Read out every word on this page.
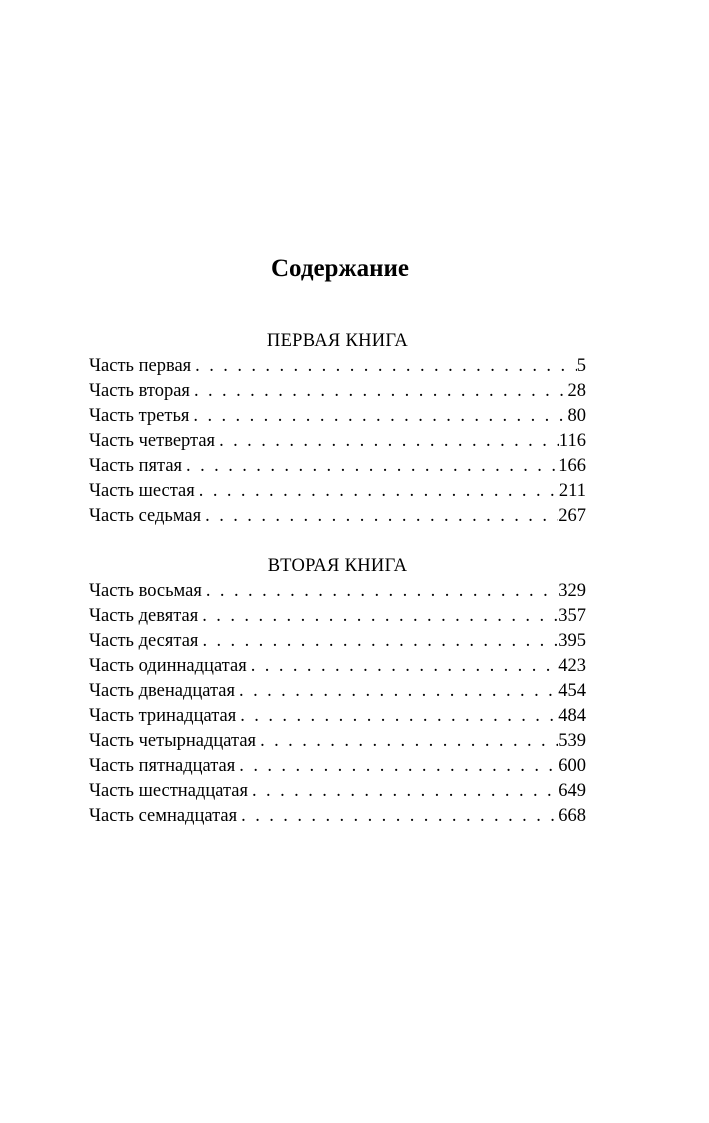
Содержание
ПЕРВАЯ КНИГА
Часть первая . . .	5
Часть вторая . . .	28
Часть третья . . .	80
Часть четвертая . . .	116
Часть пятая . . .	166
Часть шестая . . .	211
Часть седьмая . . .	267
ВТОРАЯ КНИГА
Часть восьмая . . .	329
Часть девятая . . .	357
Часть десятая . . .	395
Часть одиннадцатая . . .	423
Часть двенадцатая . . .	454
Часть тринадцатая . . .	484
Часть четырнадцатая . . .	539
Часть пятнадцатая . . .	600
Часть шестнадцатая . . .	649
Часть семнадцатая . . .	668
